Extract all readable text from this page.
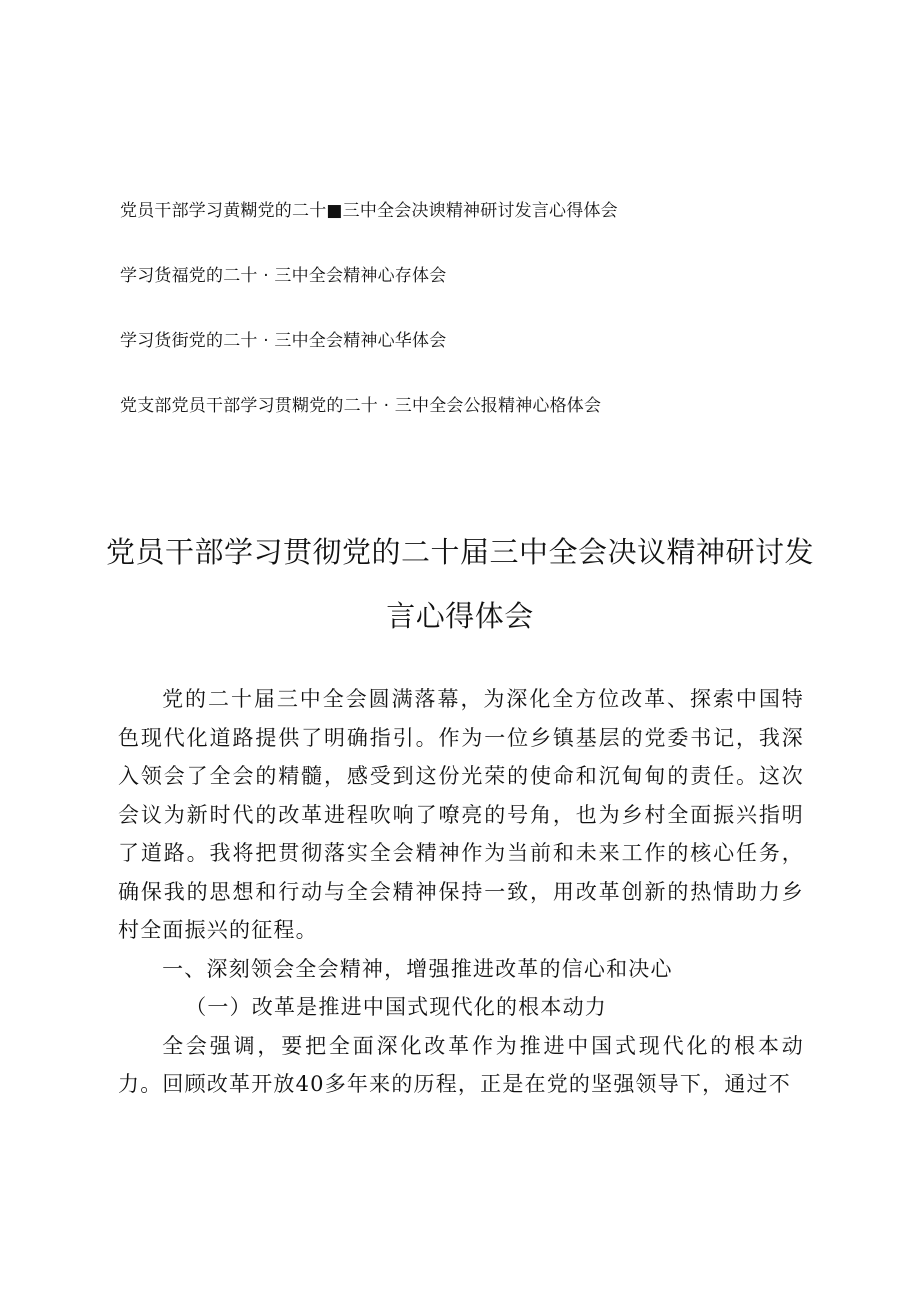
党员干部学习黄糊党的二十■三中全会决谀精神研讨发言心得体会
学习货福党的二十 · 三中全会精神心存体会
学习货街党的二十 · 三中全会精神心华体会
党支部党员干部学习贯糊党的二十 · 三中全会公报精神心格体会
党员干部学习贯彻党的二十届三中全会决议精神研讨发
言心得体会

党的二十届三中全会圆满落幕，为深化全方位改革、探索中国特色现代化道路提供了明确指引。作为一位乡镇基层的党委书记，我深入领会了全会的精髓，感受到这份光荣的使命和沉甸甸的责任。这次会议为新时代的改革进程吹响了嘹亮的号角，也为乡村全面振兴指明了道路。我将把贯彻落实全会精神作为当前和未来工作的核心任务，确保我的思想和行动与全会精神保持一致，用改革创新的热情助力乡村全面振兴的征程。

一、深刻领会全会精神，增强推进改革的信心和决心

（一）改革是推进中国式现代化的根本动力

全会强调，要把全面深化改革作为推进中国式现代化的根本动力。回顾改革开放40多年来的历程，正是在党的坚强领导下，通过不
